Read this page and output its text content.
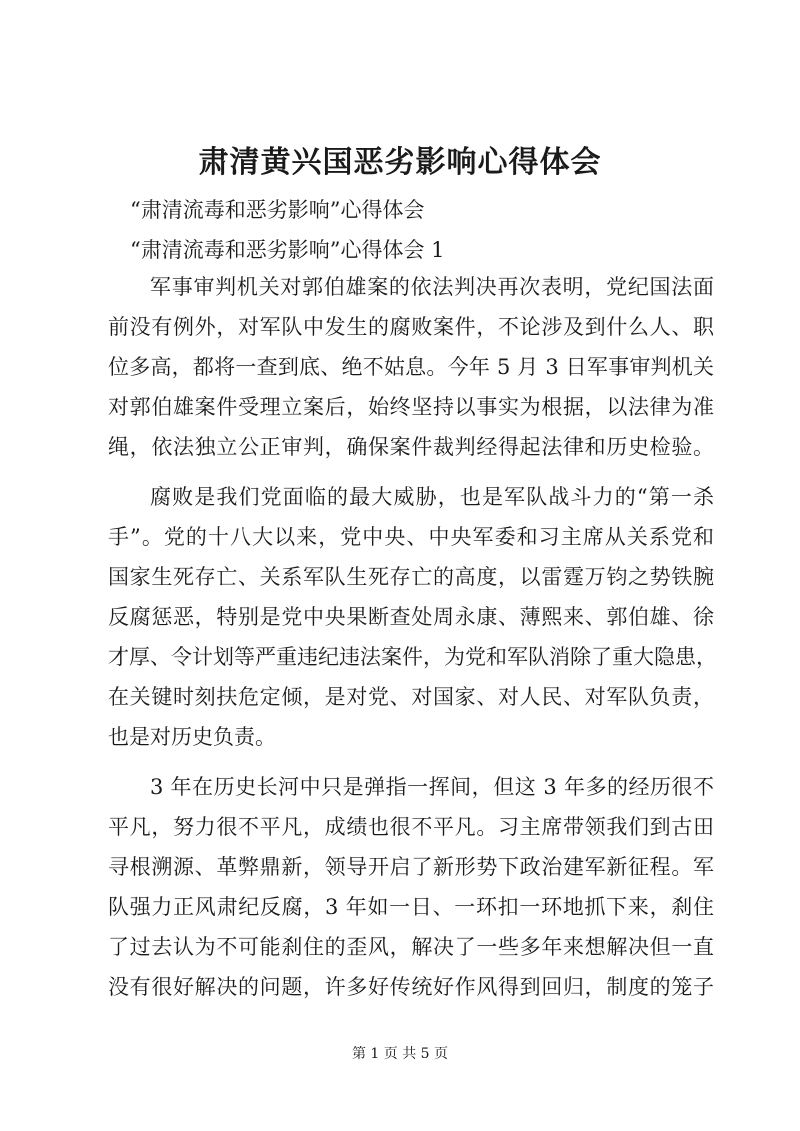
肃清黄兴国恶劣影响心得体会
“肃清流毒和恶劣影响”心得体会
“肃清流毒和恶劣影响”心得体会 1
军事审判机关对郭伯雄案的依法判决再次表明，党纪国法面
前没有例外，对军队中发生的腐败案件，不论涉及到什么人、职
位多高，都将一查到底、绝不姑息。今年 5 月 3 日军事审判机关
对郭伯雄案件受理立案后，始终坚持以事实为根据，以法律为准
绳，依法独立公正审判，确保案件裁判经得起法律和历史检验。
腐败是我们党面临的最大威胁，也是军队战斗力的“第一杀
手”。党的十八大以来，党中央、中央军委和习主席从关系党和
国家生死存亡、关系军队生死存亡的高度，以雷霆万钧之势铁腕
反腐惩恶，特别是党中央果断查处周永康、薄熙来、郭伯雄、徐
才厚、令计划等严重违纪违法案件，为党和军队消除了重大隐患，
在关键时刻扶危定倾，是对党、对国家、对人民、对军队负责，
也是对历史负责。
3 年在历史长河中只是弹指一挥间，但这 3 年多的经历很不
平凡，努力很不平凡，成绩也很不平凡。习主席带领我们到古田
寻根溯源、革弊鼎新，领导开启了新形势下政治建军新征程。军
队强力正风肃纪反腐，3 年如一日、一环扣一环地抓下来，刹住
了过去认为不可能刹住的歪风，解决了一些多年来想解决但一直
没有很好解决的问题，许多好传统好作风得到回归，制度的笼子
第 1 页 共 5 页
